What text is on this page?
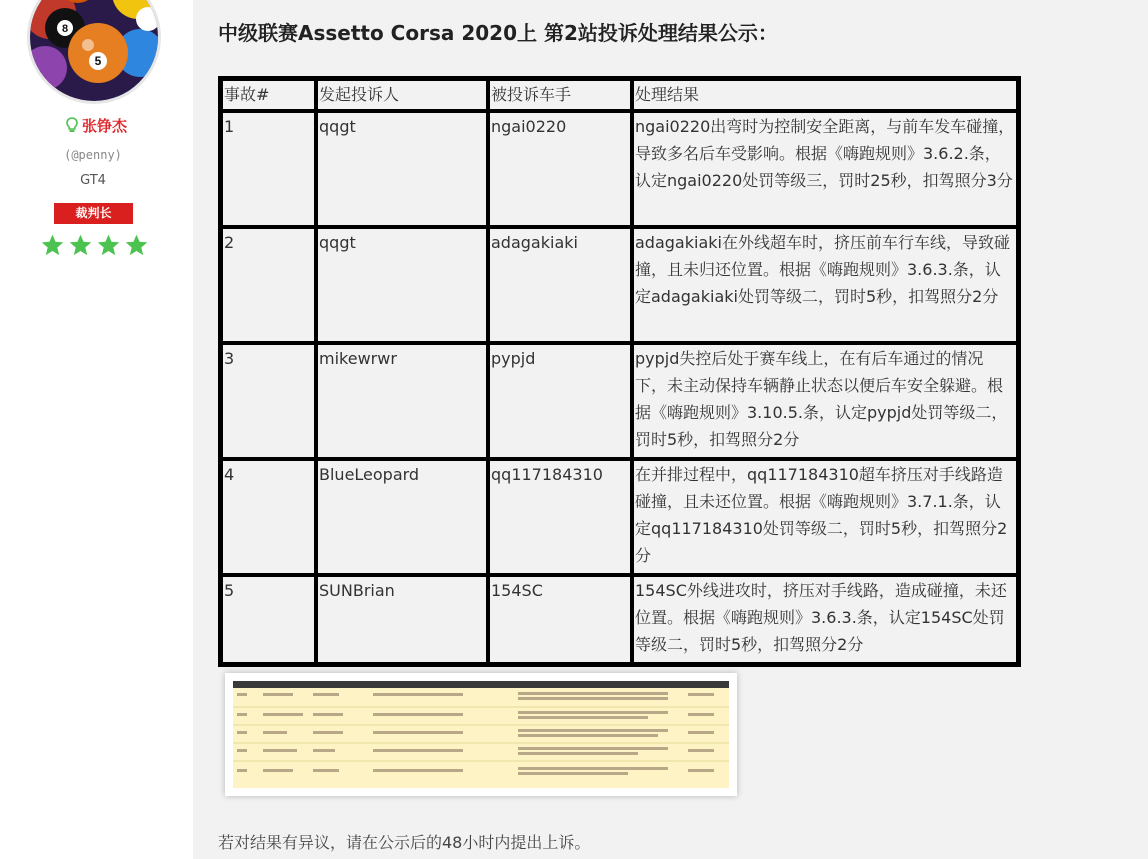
8
5
张铮杰
(@penny)
GT4
裁判长
中级联赛Assetto Corsa 2020上 第2站投诉处理结果公示：
事故#	发起投诉人	被投诉车手	处理结果
1	qqgt	ngai0220	ngai0220出弯时为控制安全距离，与前车发车碰撞，导致多名后车受影响。根据《嗨跑规则》3.6.2.条，认定ngai0220处罚等级三，罚时25秒，扣驾照分3分
2	qqgt	adagakiaki	adagakiaki在外线超车时，挤压前车行车线，导致碰撞，且未归还位置。根据《嗨跑规则》3.6.3.条，认定adagakiaki处罚等级二，罚时5秒，扣驾照分2分
3	mikewrwr	pypjd	pypjd失控后处于赛车线上，在有后车通过的情况下，未主动保持车辆静止状态以便后车安全躲避。根据《嗨跑规则》3.10.5.条，认定pypjd处罚等级二，罚时5秒，扣驾照分2分
4	BlueLeopard	qq117184310	在并排过程中，qq117184310超车挤压对手线路造碰撞，且未还位置。根据《嗨跑规则》3.7.1.条，认定qq117184310处罚等级二，罚时5秒，扣驾照分2分
5	SUNBrian	154SC	154SC外线进攻时，挤压对手线路，造成碰撞，未还位置。根据《嗨跑规则》3.6.3.条，认定154SC处罚等级二，罚时5秒，扣驾照分2分

若对结果有异议，请在公示后的48小时内提出上诉。
